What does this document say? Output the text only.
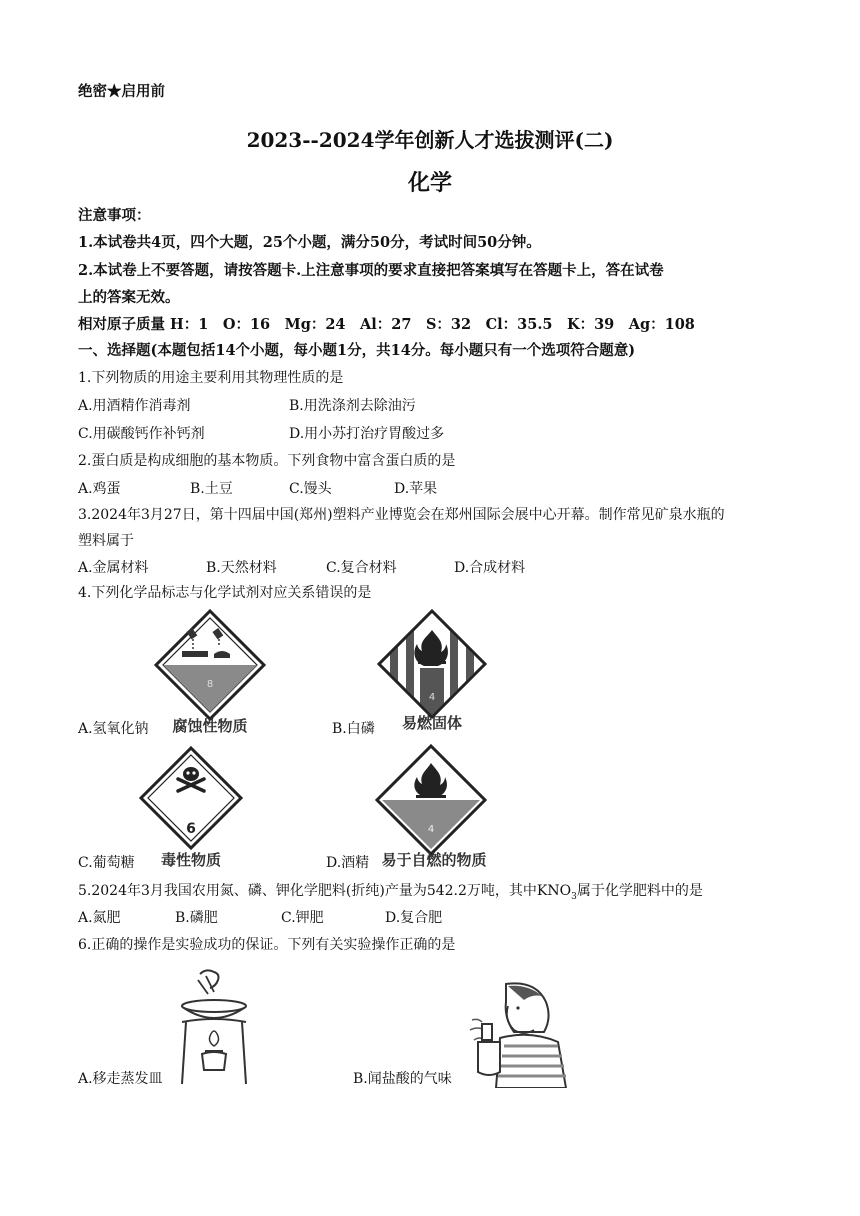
绝密★启用前
2023--2024学年创新人才选拔测评(二)
化学
注意事项：
1.本试卷共4页，四个大题，25个小题，满分50分，考试时间50分钟。
2.本试卷上不要答题，请按答题卡.上注意事项的要求直接把答案填写在答题卡上，答在试卷
上的答案无效。
相对原子质量 H：1　O：16　Mg：24　Al：27　S：32　Cl：35.5　K：39　Ag：108
一、选择题(本题包括14个小题，每小题1分，共14分。每小题只有一个选项符合题意)
1.下列物质的用途主要利用其物理性质的是
A.用酒精作消毒剂	B.用洗涤剂去除油污
C.用碳酸钙作补钙剂	D.用小苏打治疗胃酸过多
2.蛋白质是构成细胞的基本物质。下列食物中富含蛋白质的是
A.鸡蛋	B.土豆	C.馒头	D.苹果
3.2024年3月27日，第十四届中国(郑州)塑料产业博览会在郑州国际会展中心开幕。制作常见矿泉水瓶的
塑料属于
A.金属材料	B.天然材料	C.复合材料	D.合成材料
4.下列化学品标志与化学试剂对应关系错误的是
8
腐蚀性物质
4
易燃固体
A.氢氧化钠	B.白磷
6
毒性物质
4
易于自燃的物质
C.葡萄糖	D.酒精
5.2024年3月我国农用氮、磷、钾化学肥料(折纯)产量为542.2万吨，其中$KNO_3$属于化学肥料中的是
A.氮肥	B.磷肥	C.钾肥	D.复合肥
6.正确的操作是实验成功的保证。下列有关实验操作正确的是
A.移走蒸发皿	B.闻盐酸的气味
